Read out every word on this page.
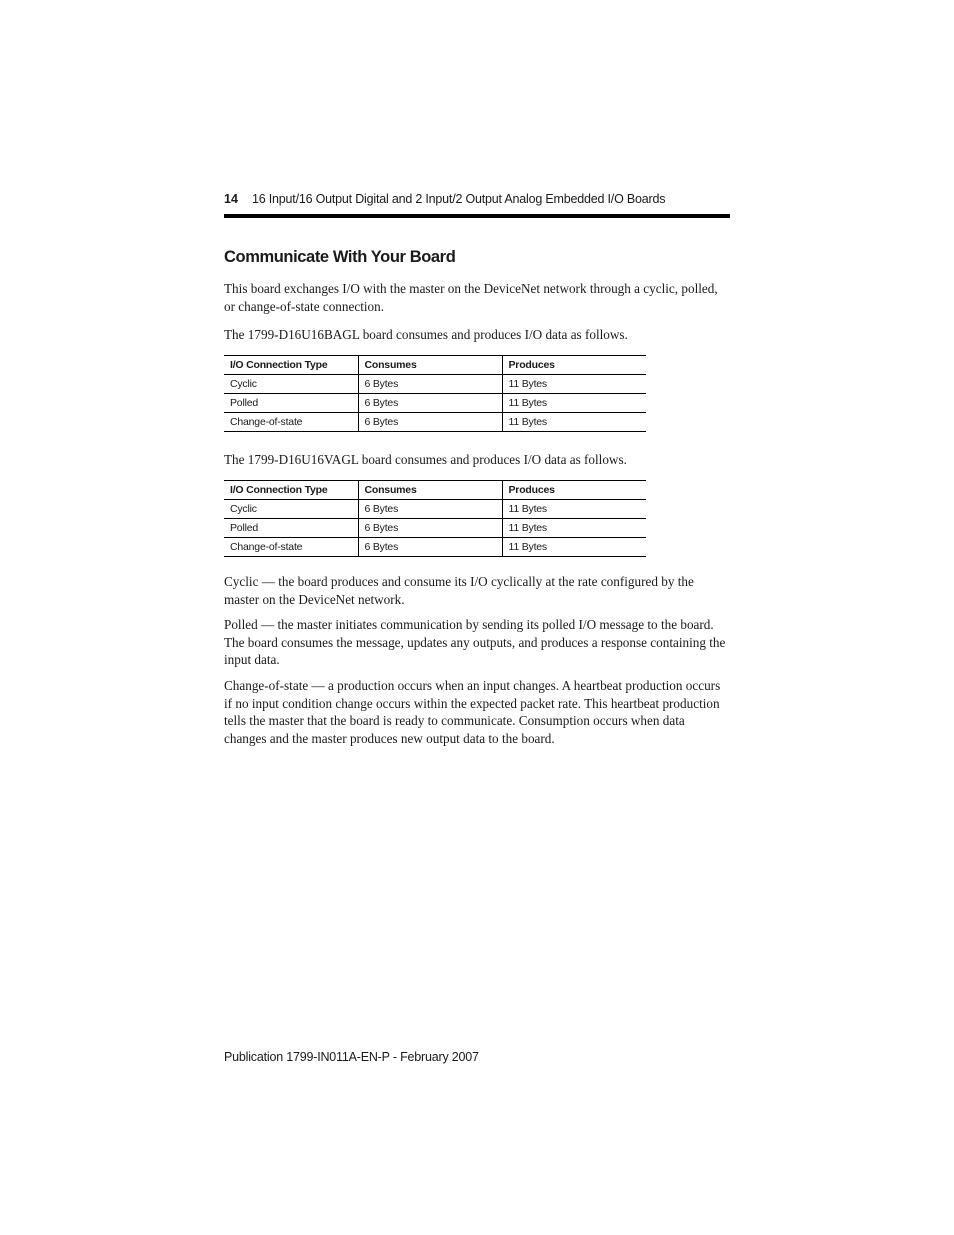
14 16 Input/16 Output Digital and 2 Input/2 Output Analog Embedded I/O Boards
Communicate With Your Board

This board exchanges I/O with the master on the DeviceNet network through a cyclic, polled, or change-of-state connection.

The 1799-D16U16BAGL board consumes and produces I/O data as follows.

I/O Connection Type	Consumes	Produces
Cyclic	6 Bytes	11 Bytes
Polled	6 Bytes	11 Bytes
Change-of-state	6 Bytes	11 Bytes

The 1799-D16U16VAGL board consumes and produces I/O data as follows.

I/O Connection Type	Consumes	Produces
Cyclic	6 Bytes	11 Bytes
Polled	6 Bytes	11 Bytes
Change-of-state	6 Bytes	11 Bytes

Cyclic — the board produces and consume its I/O cyclically at the rate configured by the master on the DeviceNet network.

Polled — the master initiates communication by sending its polled I/O message to the board. The board consumes the message, updates any outputs, and produces a response containing the input data.

Change-of-state — a production occurs when an input changes. A heartbeat production occurs if no input condition change occurs within the expected packet rate. This heartbeat production tells the master that the board is ready to communicate. Consumption occurs when data changes and the master produces new output data to the board.

Publication 1799-IN011A-EN-P - February 2007
